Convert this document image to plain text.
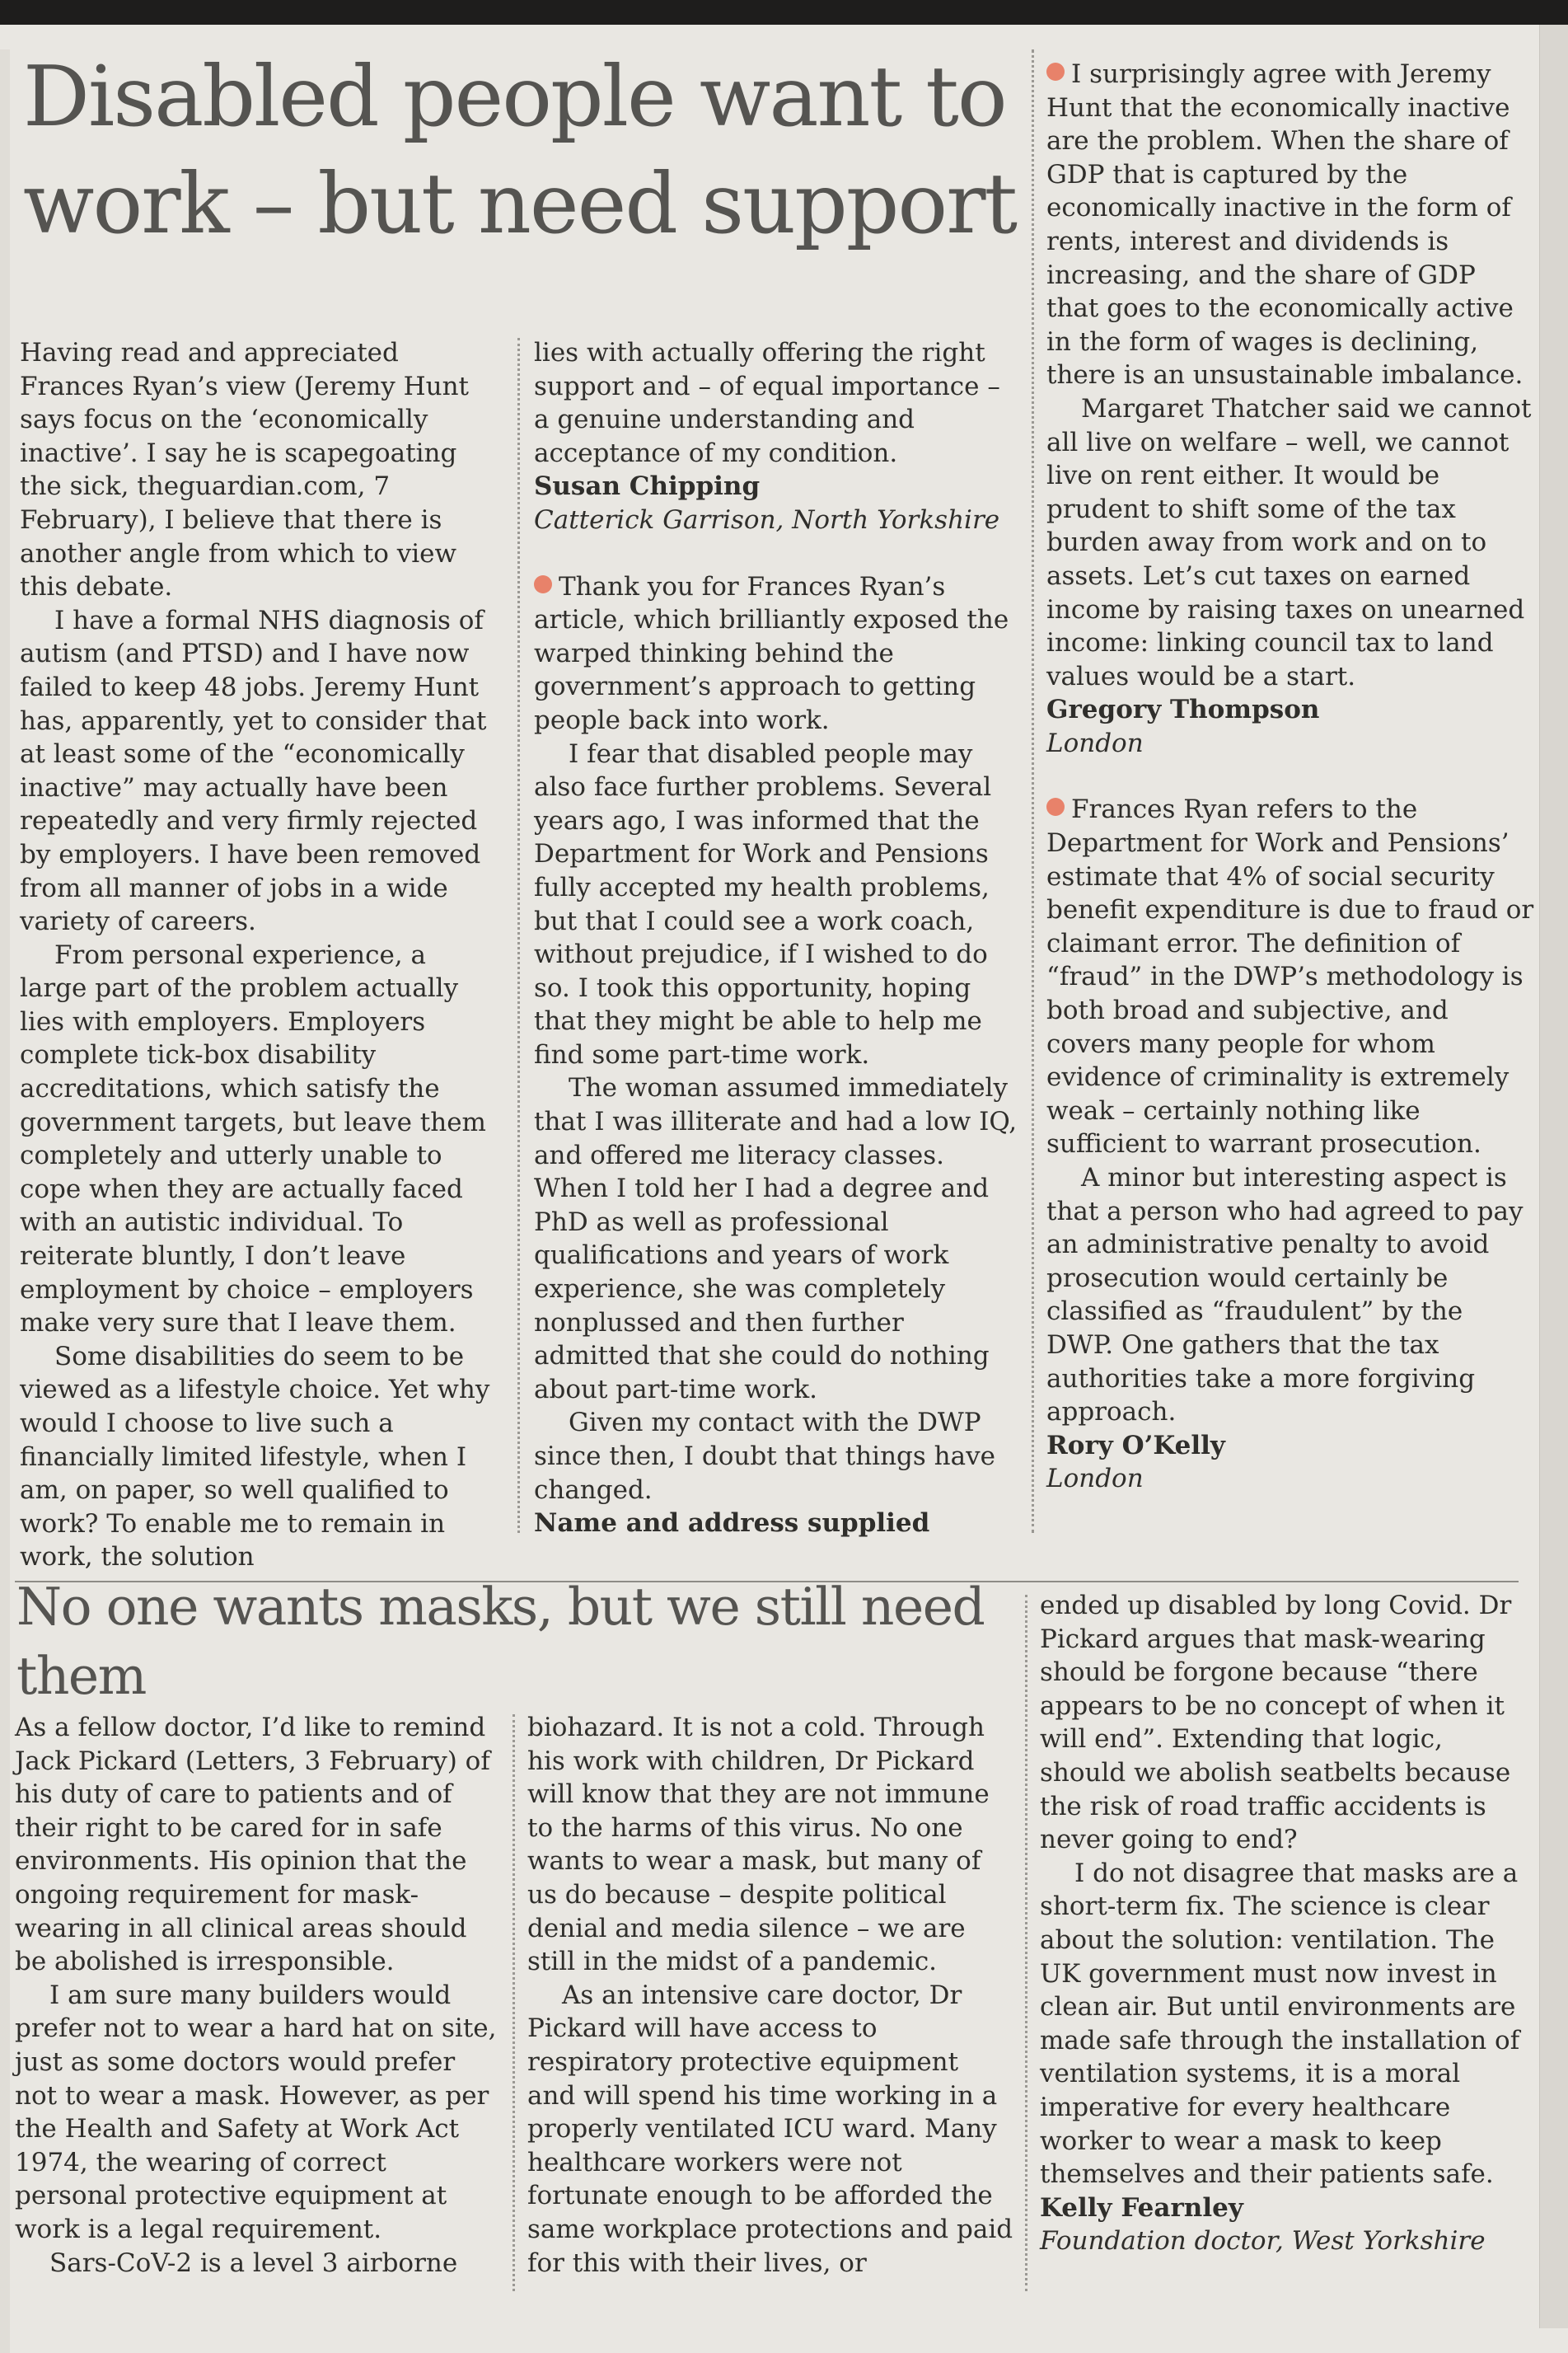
Disabled people want to work – but need support

Having read and appreciated Frances Ryan’s view (Jeremy Hunt says focus on the ‘economically inactive’. I say he is scapegoating the sick, theguardian.com, 7 February), I believe that there is another angle from which to view this debate.

I have a formal NHS diagnosis of autism (and PTSD) and I have now failed to keep 48 jobs. Jeremy Hunt has, apparently, yet to consider that at least some of the “economically inactive” may actually have been repeatedly and very firmly rejected by employers. I have been removed from all manner of jobs in a wide variety of careers.

From personal experience, a large part of the problem actually lies with employers. Employers complete tick-box disability accreditations, which satisfy the government targets, but leave them completely and utterly unable to cope when they are actually faced with an autistic individual. To reiterate bluntly, I don’t leave employment by choice – employers make very sure that I leave them.

Some disabilities do seem to be viewed as a lifestyle choice. Yet why would I choose to live such a financially limited lifestyle, when I am, on paper, so well qualified to work? To enable me to remain in work, the solution

lies with actually offering the right support and – of equal importance – a genuine understanding and acceptance of my condition.

Susan Chipping

Catterick Garrison, North Yorkshire

Thank you for Frances Ryan’s article, which brilliantly exposed the warped thinking behind the government’s approach to getting people back into work.

I fear that disabled people may also face further problems. Several years ago, I was informed that the Department for Work and Pensions fully accepted my health problems, but that I could see a work coach, without prejudice, if I wished to do so. I took this opportunity, hoping that they might be able to help me find some part-time work.

The woman assumed immediately that I was illiterate and had a low IQ, and offered me literacy classes. When I told her I had a degree and PhD as well as professional qualifications and years of work experience, she was completely nonplussed and then further admitted that she could do nothing about part-time work.

Given my contact with the DWP since then, I doubt that things have changed.

Name and address supplied

I surprisingly agree with Jeremy Hunt that the economically inactive are the problem. When the share of GDP that is captured by the economically inactive in the form of rents, interest and dividends is increasing, and the share of GDP that goes to the economically active in the form of wages is declining, there is an unsustainable imbalance.

Margaret Thatcher said we cannot all live on welfare – well, we cannot live on rent either. It would be prudent to shift some of the tax burden away from work and on to assets. Let’s cut taxes on earned income by raising taxes on unearned income: linking council tax to land values would be a start.

Gregory Thompson

London

Frances Ryan refers to the Department for Work and Pensions’ estimate that 4% of social security benefit expenditure is due to fraud or claimant error. The definition of “fraud” in the DWP’s methodology is both broad and subjective, and covers many people for whom evidence of criminality is extremely weak – certainly nothing like sufficient to warrant prosecution.

A minor but interesting aspect is that a person who had agreed to pay an administrative penalty to avoid prosecution would certainly be classified as “fraudulent” by the DWP. One gathers that the tax authorities take a more forgiving approach.

Rory O’Kelly

London

No one wants masks, but we still need them

As a fellow doctor, I’d like to remind Jack Pickard (Letters, 3 February) of his duty of care to patients and of their right to be cared for in safe environments. His opinion that the ongoing requirement for mask-wearing in all clinical areas should be abolished is irresponsible.

I am sure many builders would prefer not to wear a hard hat on site, just as some doctors would prefer not to wear a mask. However, as per the Health and Safety at Work Act 1974, the wearing of correct personal protective equipment at work is a legal requirement.

Sars-CoV-2 is a level 3 airborne

biohazard. It is not a cold. Through his work with children, Dr Pickard will know that they are not immune to the harms of this virus. No one wants to wear a mask, but many of us do because – despite political denial and media silence – we are still in the midst of a pandemic.

As an intensive care doctor, Dr Pickard will have access to respiratory protective equipment and will spend his time working in a properly ventilated ICU ward. Many healthcare workers were not fortunate enough to be afforded the same workplace protections and paid for this with their lives, or

ended up disabled by long Covid. Dr Pickard argues that mask-wearing should be forgone because “there appears to be no concept of when it will end”. Extending that logic, should we abolish seatbelts because the risk of road traffic accidents is never going to end?

I do not disagree that masks are a short-term fix. The science is clear about the solution: ventilation. The UK government must now invest in clean air. But until environments are made safe through the installation of ventilation systems, it is a moral imperative for every healthcare worker to wear a mask to keep themselves and their patients safe.

Kelly Fearnley

Foundation doctor, West Yorkshire
